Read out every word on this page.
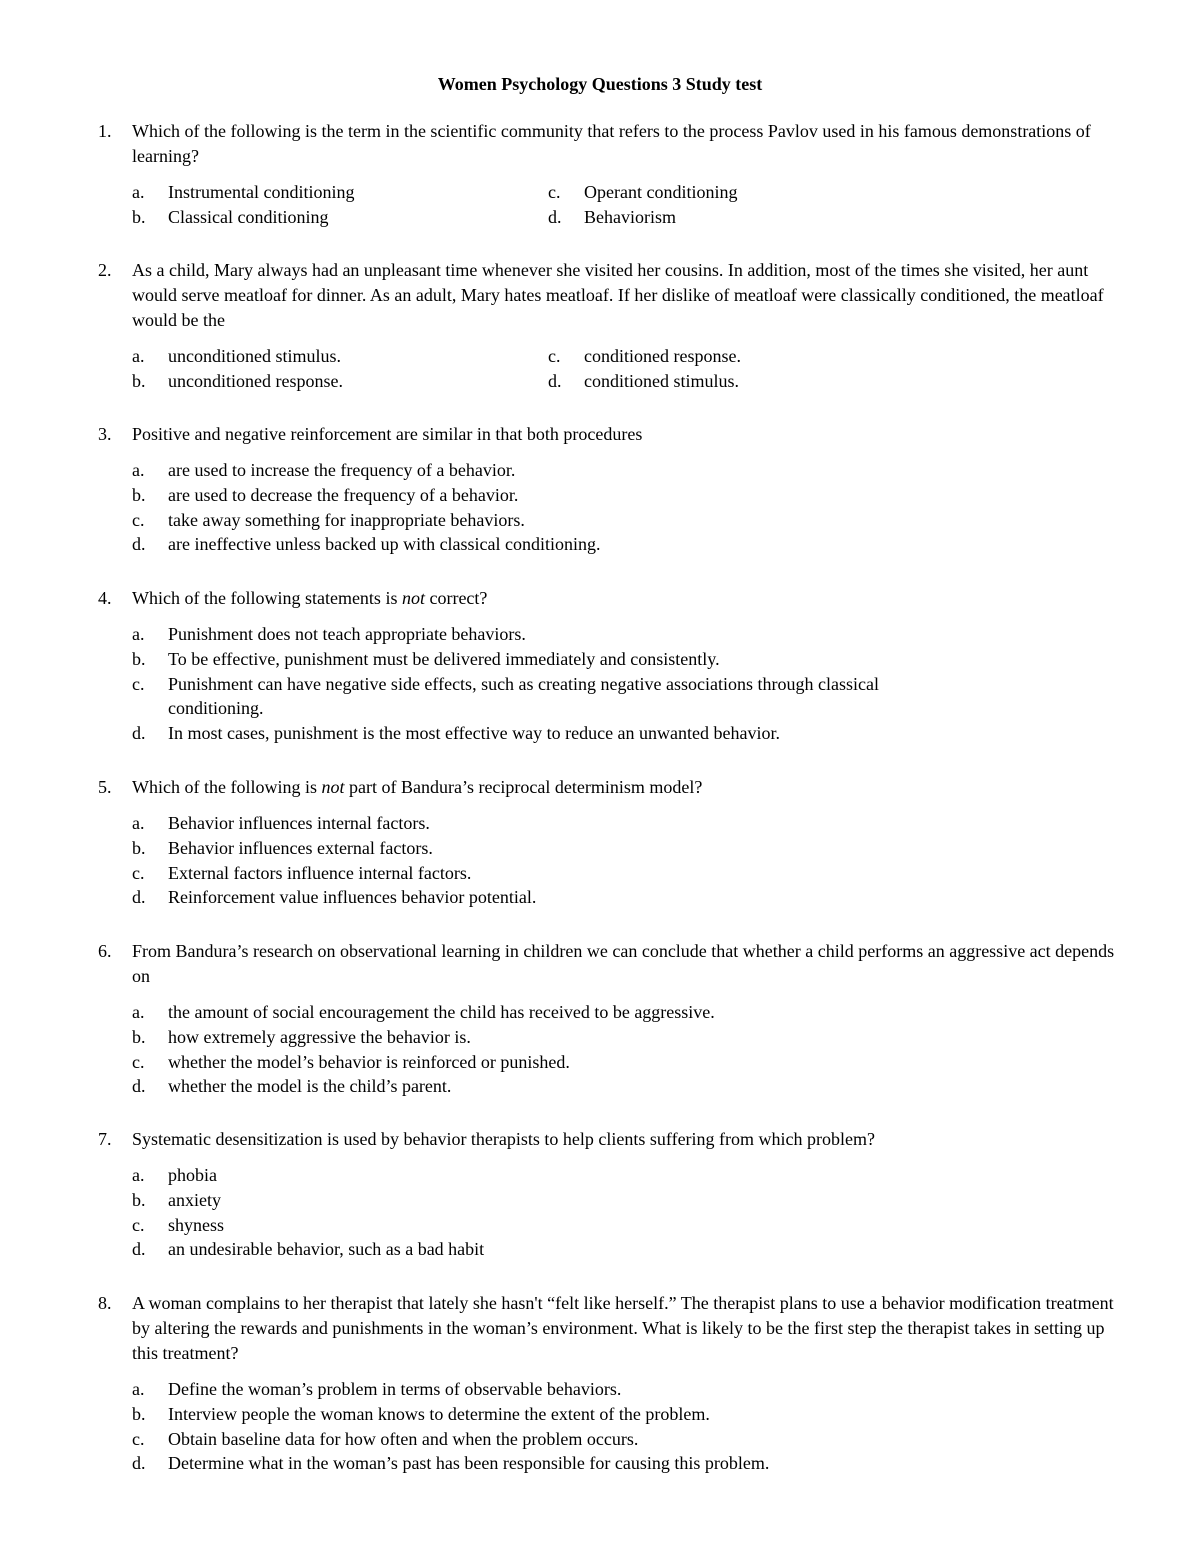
Women Psychology Questions 3 Study test
1.	Which of the following is the term in the scientific community that refers to the process Pavlov used in his famous demonstrations of learning?
a.	Instrumental conditioning	c.	Operant conditioning
b.	Classical conditioning	d.	Behaviorism
2.	As a child, Mary always had an unpleasant time whenever she visited her cousins. In addition, most of the times she visited, her aunt would serve meatloaf for dinner. As an adult, Mary hates meatloaf. If her dislike of meatloaf were classically conditioned, the meatloaf would be the
a.	unconditioned stimulus.	c.	conditioned response.
b.	unconditioned response.	d.	conditioned stimulus.
3.	Positive and negative reinforcement are similar in that both procedures
a.	are used to increase the frequency of a behavior.
b.	are used to decrease the frequency of a behavior.
c.	take away something for inappropriate behaviors.
d.	are ineffective unless backed up with classical conditioning.
4.	Which of the following statements is not correct?
a.	Punishment does not teach appropriate behaviors.
b.	To be effective, punishment must be delivered immediately and consistently.
c.	Punishment can have negative side effects, such as creating negative associations through classical conditioning.
d.	In most cases, punishment is the most effective way to reduce an unwanted behavior.
5.	Which of the following is not part of Bandura’s reciprocal determinism model?
a.	Behavior influences internal factors.
b.	Behavior influences external factors.
c.	External factors influence internal factors.
d.	Reinforcement value influences behavior potential.
6.	From Bandura’s research on observational learning in children we can conclude that whether a child performs an aggressive act depends on
a.	the amount of social encouragement the child has received to be aggressive.
b.	how extremely aggressive the behavior is.
c.	whether the model’s behavior is reinforced or punished.
d.	whether the model is the child’s parent.
7.	Systematic desensitization is used by behavior therapists to help clients suffering from which problem?
a.	phobia
b.	anxiety
c.	shyness
d.	an undesirable behavior, such as a bad habit
8.	A woman complains to her therapist that lately she hasn't “felt like herself.” The therapist plans to use a behavior modification treatment by altering the rewards and punishments in the woman’s environment. What is likely to be the first step the therapist takes in setting up this treatment?
a.	Define the woman’s problem in terms of observable behaviors.
b.	Interview people the woman knows to determine the extent of the problem.
c.	Obtain baseline data for how often and when the problem occurs.
d.	Determine what in the woman’s past has been responsible for causing this problem.
